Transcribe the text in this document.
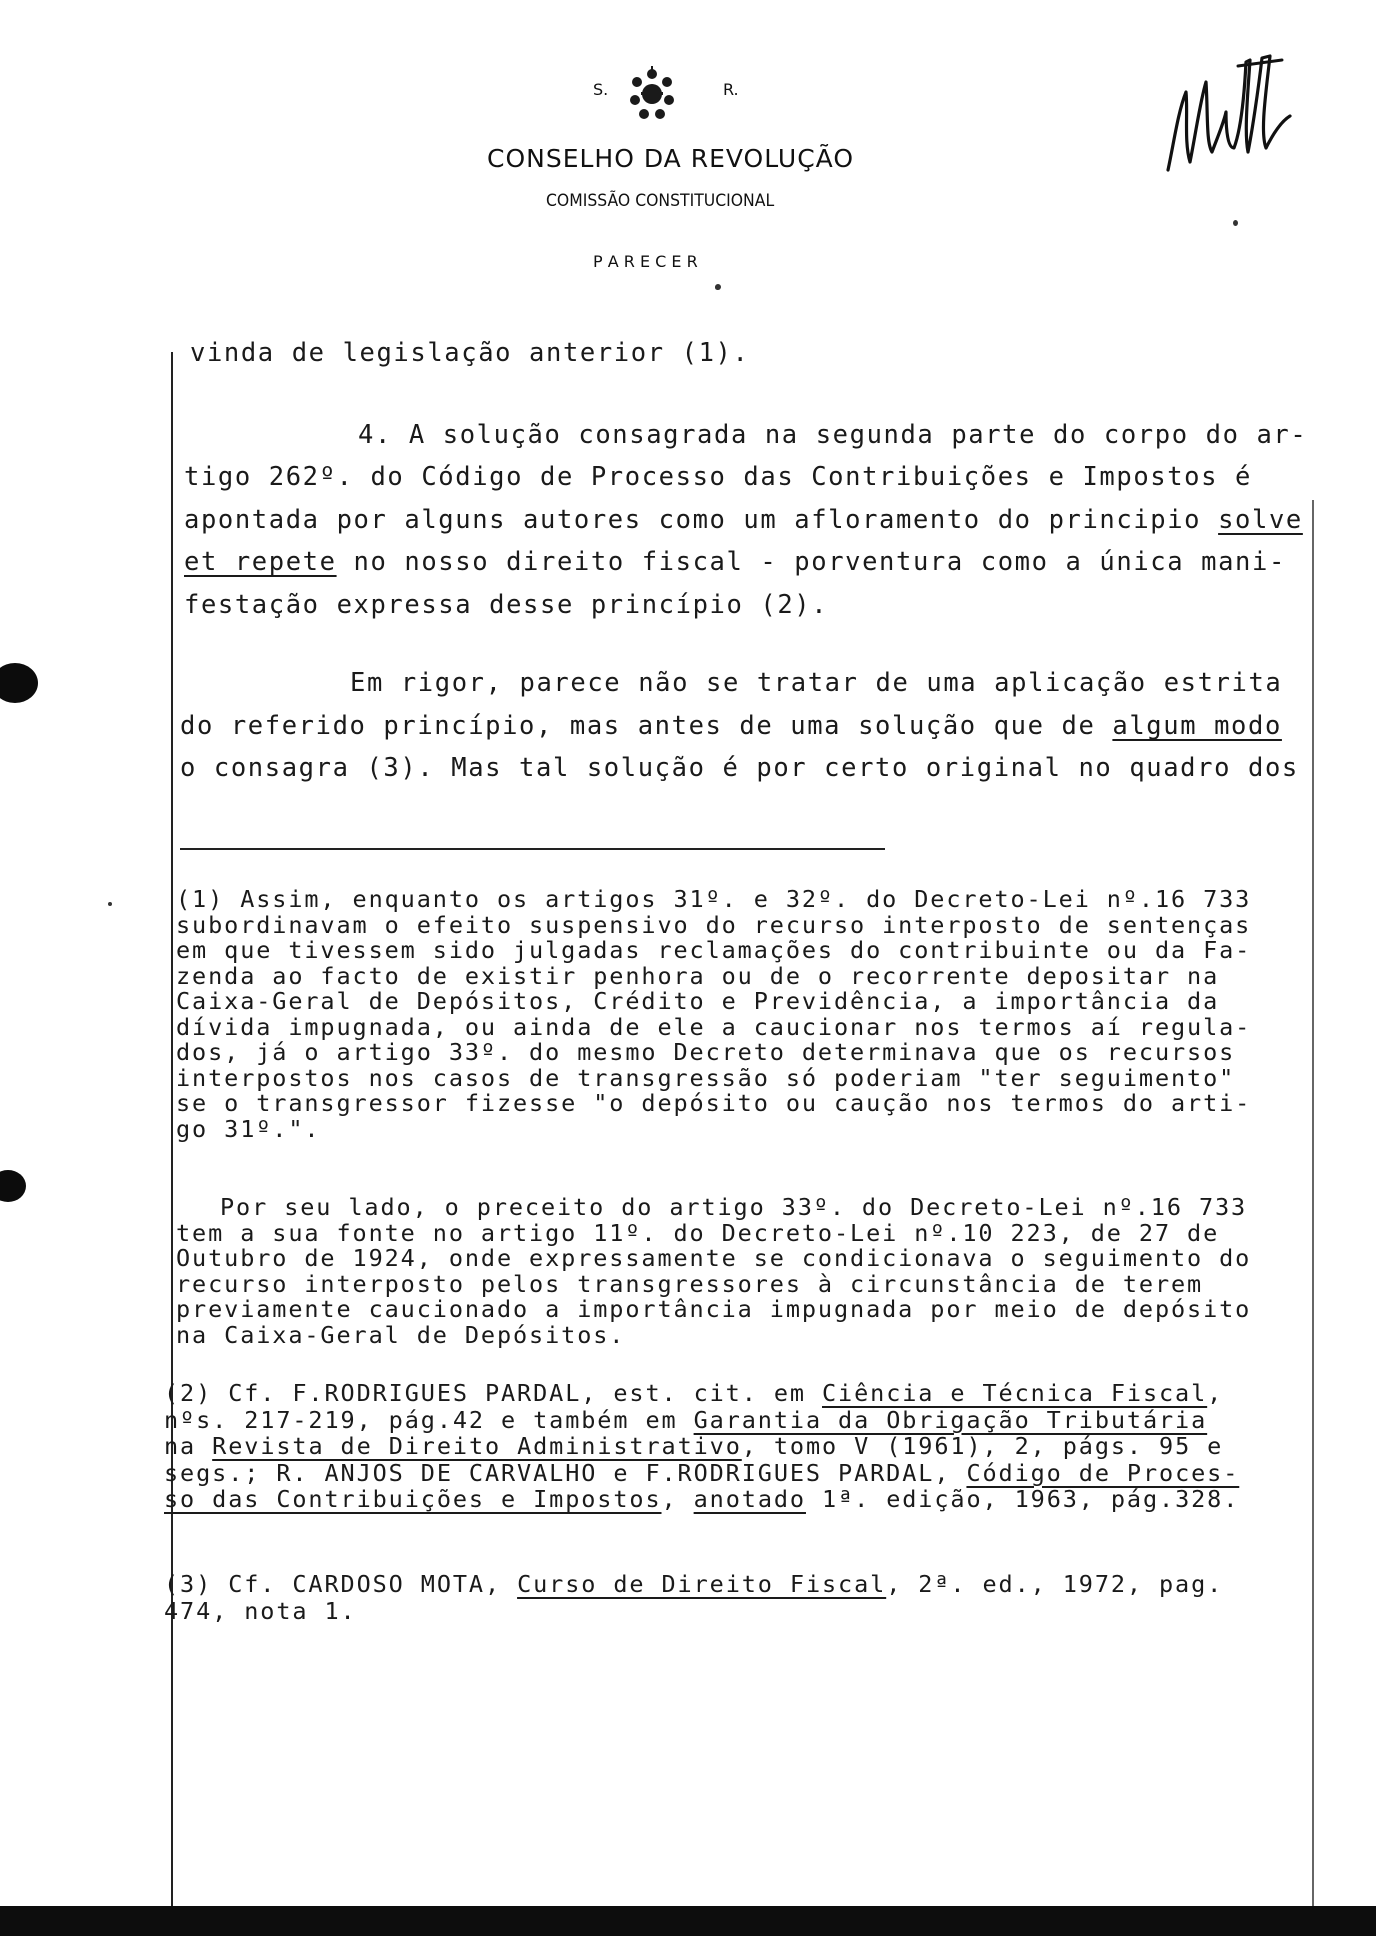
S.	R.
CONSELHO DA REVOLUÇÃO
COMISSÃO CONSTITUCIONAL
P A R E C E R
vinda de legislação anterior (1).
4. A solução consagrada na segunda parte do corpo do ar-
tigo 262º. do Código de Processo das Contribuições e Impostos é
apontada por alguns autores como um afloramento do principio solve
et repete no nosso direito fiscal - porventura como a única mani-
festação expressa desse princípio (2).
Em rigor, parece não se tratar de uma aplicação estrita
do referido princípio, mas antes de uma solução que de algum modo
o consagra (3). Mas tal solução é por certo original no quadro dos
(1) Assim, enquanto os artigos 31º. e 32º. do Decreto-Lei nº.16 733
subordinavam o efeito suspensivo do recurso interposto de sentenças
em que tivessem sido julgadas reclamações do contribuinte ou da Fa-
zenda ao facto de existir penhora ou de o recorrente depositar na
Caixa-Geral de Depósitos, Crédito e Previdência, a importância da
dívida impugnada, ou ainda de ele a caucionar nos termos aí regula-
dos, já o artigo 33º. do mesmo Decreto determinava que os recursos
interpostos nos casos de transgressão só poderiam "ter seguimento"
se o transgressor fizesse "o depósito ou caução nos termos do arti-
go 31º.".
Por seu lado, o preceito do artigo 33º. do Decreto-Lei nº.16 733
tem a sua fonte no artigo 11º. do Decreto-Lei nº.10 223, de 27 de
Outubro de 1924, onde expressamente se condicionava o seguimento do
recurso interposto pelos transgressores à circunstância de terem
previamente caucionado a importância impugnada por meio de depósito
na Caixa-Geral de Depósitos.
(2) Cf. F.RODRIGUES PARDAL, est. cit. em Ciência e Técnica Fiscal,
nºs. 217-219, pág.42 e também em Garantia da Obrigação Tributária
na Revista de Direito Administrativo, tomo V (1961), 2, págs. 95 e
segs.; R. ANJOS DE CARVALHO e F.RODRIGUES PARDAL, Código de Proces-
so das Contribuições e Impostos, anotado 1ª. edição, 1963, pág.328.
(3) Cf. CARDOSO MOTA, Curso de Direito Fiscal, 2ª. ed., 1972, pag.
474, nota 1.
